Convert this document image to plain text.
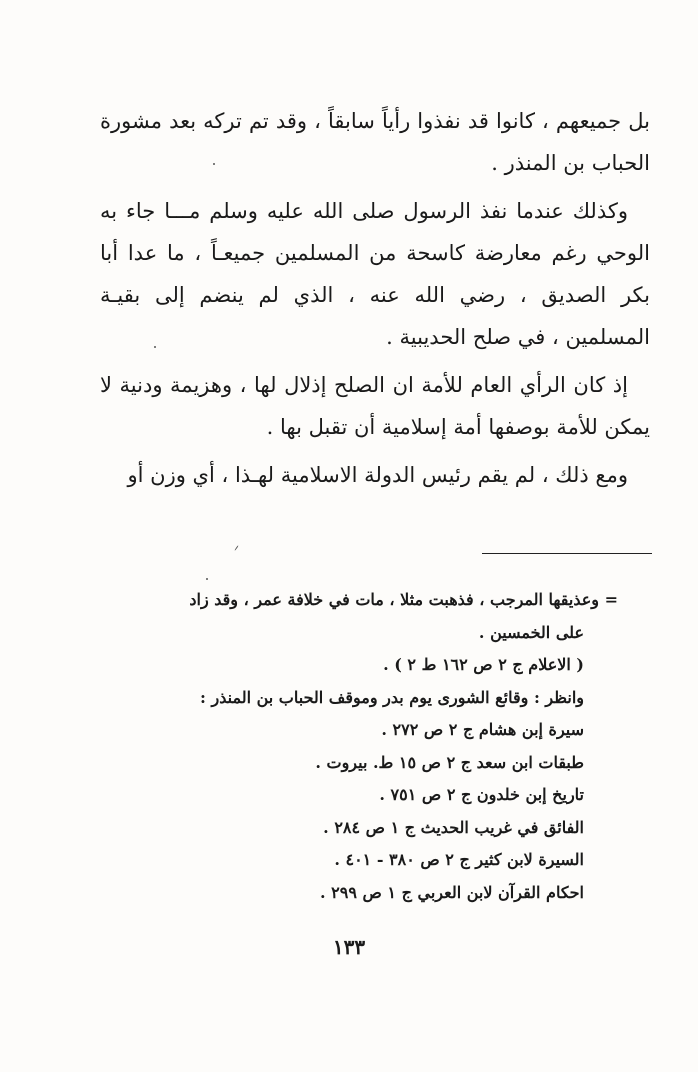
بل جميعهم ، كانوا قد نفذوا رأياً سابقاً ، وقد تم تركه بعد مشورة الحباب بن المنذر .

وكذلك عندما نفذ الرسول صلى الله عليه وسلم مـــا جاء به الوحي رغم معارضة كاسحة من المسلمين جميعـاً ، ما عدا أبا بكر الصديق ، رضي الله عنه ، الذي لم ينضم إلى بقيـة المسلمين ، في صلح الحديبية .

إذ كان الرأي العام للأمة ان الصلح إذلال لها ، وهزيمة ودنية لا يمكن للأمة بوصفها أمة إسلامية أن تقبل بها .

ومع ذلك ، لم يقم رئيس الدولة الاسلامية لهـذا ، أي وزن أو

= وعذيقها المرجب ، فذهبت مثلا ، مات في خلافة عمر ، وقد زاد
على الخمسين .
( الاعلام ج ٢ ص ١٦٢ ط ٢ ) .
وانظر : وقائع الشورى يوم بدر وموقف الحباب بن المنذر :
سيرة إبن هشام ج ٢ ص ٢٧٢ .
طبقات ابن سعد ج ٢ ص ١٥ ط. بيروت .
تاريخ إبن خلدون ج ٢ ص ٧٥١ .
الفائق في غريب الحديث ج ١ ص ٢٨٤ .
السيرة لابن كثير ج ٢ ص ٣٨٠ - ٤٠١ .
احكام القرآن لابن العربي ج ١ ص ٢٩٩ .
١٣٣
